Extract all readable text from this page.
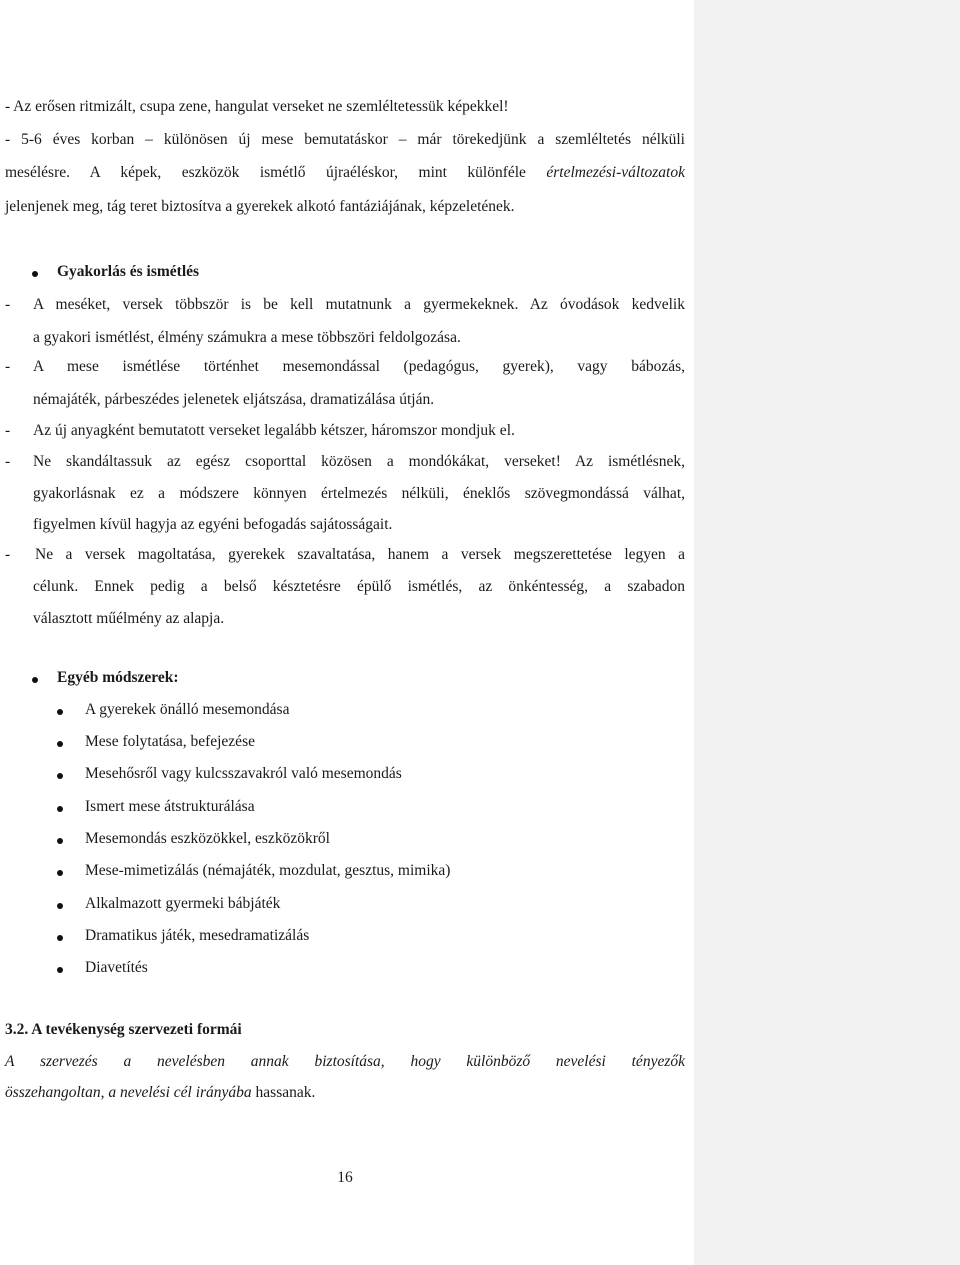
- Az erősen ritmizált, csupa zene, hangulat verseket ne szemléltetessük képekkel!
- 5-6 éves korban – különösen új mese bemutatáskor – már törekedjünk a szemléltetés nélküli
mesélésre. A képek, eszközök ismétlő újraéléskor, mint különféle értelmezési-változatok
jelenjenek meg, tág teret biztosítva a gyerekek alkotó fantáziájának, képzeletének.
Gyakorlás és ismétlés
- A meséket, versek többször is be kell mutatnunk a gyermekeknek. Az óvodások kedvelik
a gyakori ismétlést, élmény számukra a mese többszöri feldolgozása.
- A mese ismétlése történhet mesemondással (pedagógus, gyerek), vagy bábozás,
némajáték, párbeszédes jelenetek eljátszása, dramatizálása útján.
- Az új anyagként bemutatott verseket legalább kétszer, háromszor mondjuk el.
- Ne skandáltassuk az egész csoporttal közösen a mondókákat, verseket! Az ismétlésnek,
gyakorlásnak ez a módszere könnyen értelmezés nélküli, éneklős szövegmondássá válhat,
figyelmen kívül hagyja az egyéni befogadás sajátosságait.
- Ne a versek magoltatása, gyerekek szavaltatása, hanem a versek megszerettetése legyen a
célunk. Ennek pedig a belső késztetésre épülő ismétlés, az önkéntesség, a szabadon
választott műélmény az alapja.
Egyéb módszerek:
A gyerekek önálló mesemondása
Mese folytatása, befejezése
Mesehősről vagy kulcsszavakról való mesemondás
Ismert mese átstrukturálása
Mesemondás eszközökkel, eszközökről
Mese-mimetizálás (némajáték, mozdulat, gesztus, mimika)
Alkalmazott gyermeki bábjáték
Dramatikus játék, mesedramatizálás
Diavetítés
3.2. A tevékenység szervezeti formái
A szervezés a nevelésben annak biztosítása, hogy különböző nevelési tényezők
összehangoltan, a nevelési cél irányába hassanak.
16
